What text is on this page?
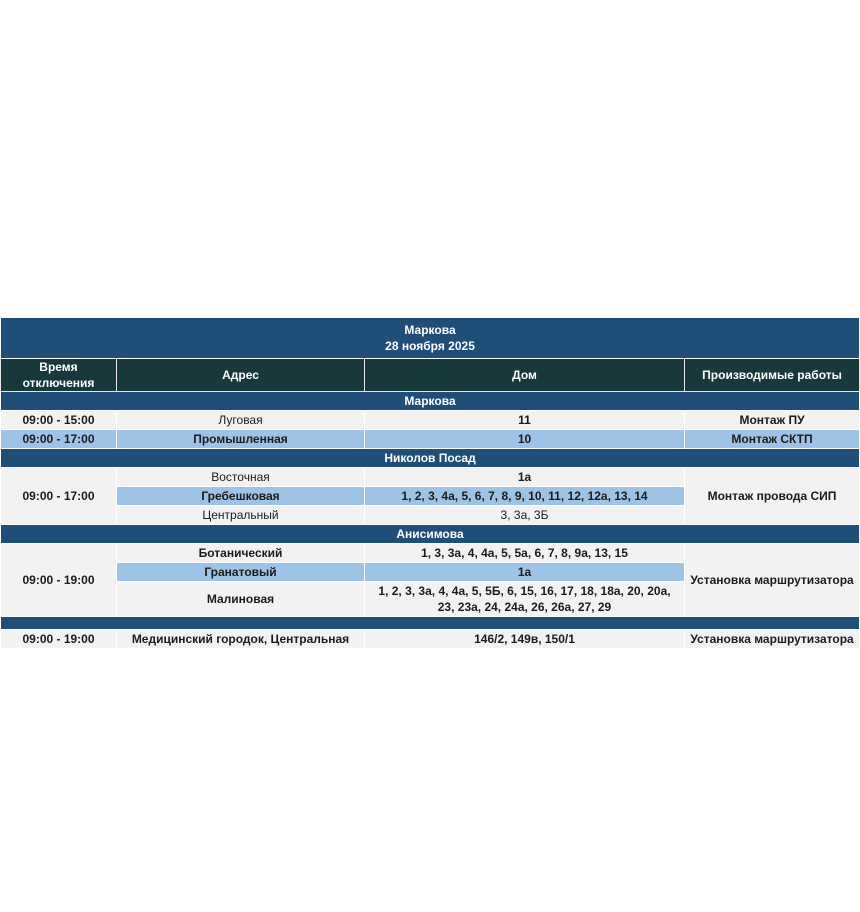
Маркова
28 ноября 2025			

Время отключения	Адрес	Дом	Производимые работы
Маркова			
09:00 - 15:00	Луговая	11	Монтаж ПУ
09:00 - 17:00	Промышленная	10	Монтаж СКТП
Николов Посад			
09:00 - 17:00	Восточная	1а	Монтаж провода СИП
	Гребешковая	1, 2, 3, 4а, 5, 6, 7, 8, 9, 10, 11, 12, 12а, 13, 14	
	Центральный	3, 3а, 3Б	
Анисимова			
09:00 - 19:00	Ботанический	1, 3, 3а, 4, 4а, 5, 5а, 6, 7, 8, 9а, 13, 15	Установка маршрутизатора
	Гранатовый	1а	
	Малиновая	1, 2, 3, 3а, 4, 4а, 5, 5Б, 6, 15, 16, 17, 18, 18а, 20, 20а, 23, 23а, 24, 24а, 26, 26а, 27, 29	

09:00 - 19:00	Медицинский городок, Центральная	146/2, 149в, 150/1	Установка маршрутизатора
